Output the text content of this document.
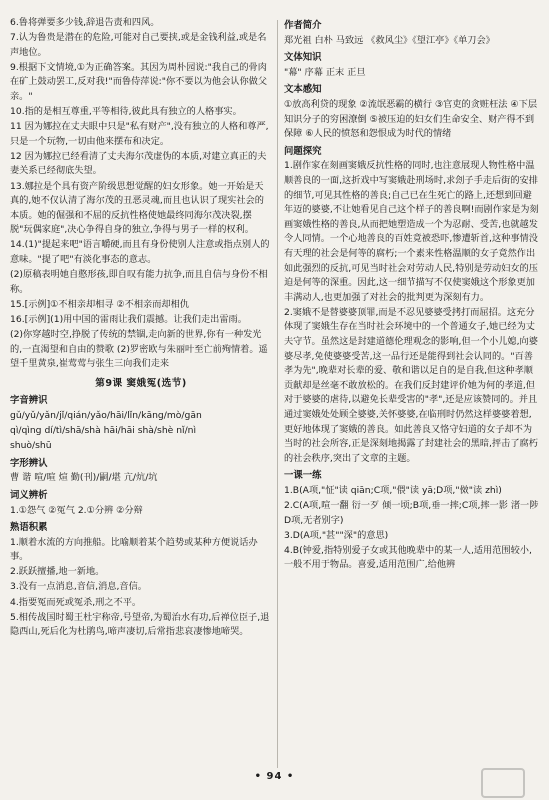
6.鲁将弹要多少钱,辞退告责和四风。
7.认为鲁贵是潜在的危险,可能对自己要挟,或是金钱利益,或是名声地位。
9.根据下文情境,①为正确答案。其因为周朴园说:"我自己的骨肉在矿上鼓动罢工,反对我!"而鲁侍萍说:"你不要以为他会认你做父亲。"
10.指的是相互尊重,平等相待,彼此具有独立的人格事实。
11 因为娜拉在丈夫眼中只是"私有财产",没有独立的人格和尊严,只是一个玩物,一切由他来摆布和决定。
12 因为娜拉已经看清了丈夫海尔茂虚伪的本质,对建立真正的夫妻关系已经彻底失望。
13.娜拉是个具有资产阶级思想觉醒的妇女形象。她一开始是天真的,她不仅认清了海尔茂的丑恶灵魂,而且也认识了现实社会的本质。她的倔强和不屈的反抗性格使她最终同海尔茂决裂,摆脱"玩偶家庭",决心争得自身的独立,争得与男子一样的权利。
14.(1)"提起来吧"语言嚼硬,而且有身份使别人注意或指点别人的意味。"提了吧"有淡化事态的意志。
(2)原稿表明她自憨形孩,即自叹有能力抗争,而且自信与身份不相称。
15.[示例]①不相亲却相寻 ②不相亲而却相仇
16.[示例](1)用中国的雷雨让我们震撼。让我们走出雷雨。
(2)你穿越时空,挣脱了传统的禁锢,走向新的世界,你有一种发光的,一直渴望和自由的赞歌 (2)罗密欧与朱丽叶至亡前殉情着。遥望千里黄泉,崔莺莺与张生三向我们走来
第9课 窦娥冤(选节)
字音辨识
gǔ/yǔ/yǎn/jǐ/qián/yǎo/hāi/lǐn/kāng/mò/gān
qì/qìng dí/tì/shā/shà hāi/hāi shà/shè nǐ/nì
shuò/shū
字形辨认
曹 谐 喧/喧 煊 勤(刊)/嗣/堪 亢/炕/坑
词义辨析
1.①怨气 ②冤气 2.①分辨 ②分辩
熟语积累
1.顺着水流的方向推船。比喻顺着某个趋势或某种方便说话办事。
2.跃跃擅播,地一新地。
3.没有一点消息,音信,消息,音信。
4.指要冤而死或冤杀,刑之不平。
5.相传战国时蜀王杜宇称帝,号望帝,为蜀治水有功,后禅位臣子,退隐西山,死后化为杜鹃鸟,啼声凄切,后常指悲哀凄惨地啼哭。
作者简介
郑光祖 白朴 马致远 《救风尘》《望江亭》《单刀会》
文体知识
"幕" 序幕 正末 正旦
文本感知
①放高利贷的现象 ②流氓恶霸的横行 ③官吏的贪赃枉法 ④下层知识分子的穷困潦倒 ⑤被压迫的妇女们生命安全、财产得不到保障 ⑥人民的愤怒和怨恨成为时代的情绪
问题探究
1.剧作家在刻画窦娥反抗性格的同时,也注意展现人物性格中温顺善良的一面,这折戏中写窦娥赴刑场时,求刽子手走后街的安排的细节,可见其性格的善良;自己已在生死亡的路上,还想到回避年迈的婆婆,不让她看见自己这个样子的善良啊!而剧作家是为刻画窦娥性格的善良,从而把她塑造成一个为忍耐、受苦,也就越发令人同情。一个心地善良的百姓竟被恐吓,惨遭斩首,这种事情没有天理的社会是何等的腐朽;一个素来性格温顺的女子竟然作出如此强烈的反抗,可见当时社会对劳动人民,特别是劳动妇女的压迫是何等的深重。因此,这一细节描写不仅使窦娥这个形象更加丰满动人,也更加强了对社会的批判更为深刻有力。
2.窦娥不是替婆婆顶罪,而是不忍见婆婆受拷打而屈招。这充分体现了窦娥生存在当时社会环境中的一个普通女子,她已经为丈夫守节。虽然这是封建道德伦理观念的影响,但一个小儿媳,向婆婆尽孝,免使婆婆受苦,这一品行还是能得到社会认同的。"百善孝为先",晚辈对长辈的爱、敬和谐以足自的是自我,但这种孝顺贡献却是丝毫不敢放松的。在我们反封建评价她为何的孝道,但对于婆婆的虐待,以避免长辈受害的"孝",还是应该赞同的。并且通过窦娥处处顾全婆婆,关怀婆婆,在临刑时仍然这样婆婆着想,更好地体现了窦娥的善良。如此善良又恪守妇道的女子却不为当时的社会所容,正是深刻地揭露了封建社会的黑暗,抨击了腐朽的社会秩序,突出了文章的主题。
一课一练
1.B(A项,"怔"读 qiān;C项,"偎"读 yā;D项,"傚"读 zhì)
2.C(A项,喧一翻 衍一歹 倾一顷;B项,垂一摔;C项,摔一影 渚一陟 D项,无者别字)
3.D(A项,"甚""深"的意思)
4.B(钟爱,指特别爱子女或其他晚辈中的某一人,适用范围较小,一般不用于物品。喜爱,适用范围广,给他辨
• 94 •
